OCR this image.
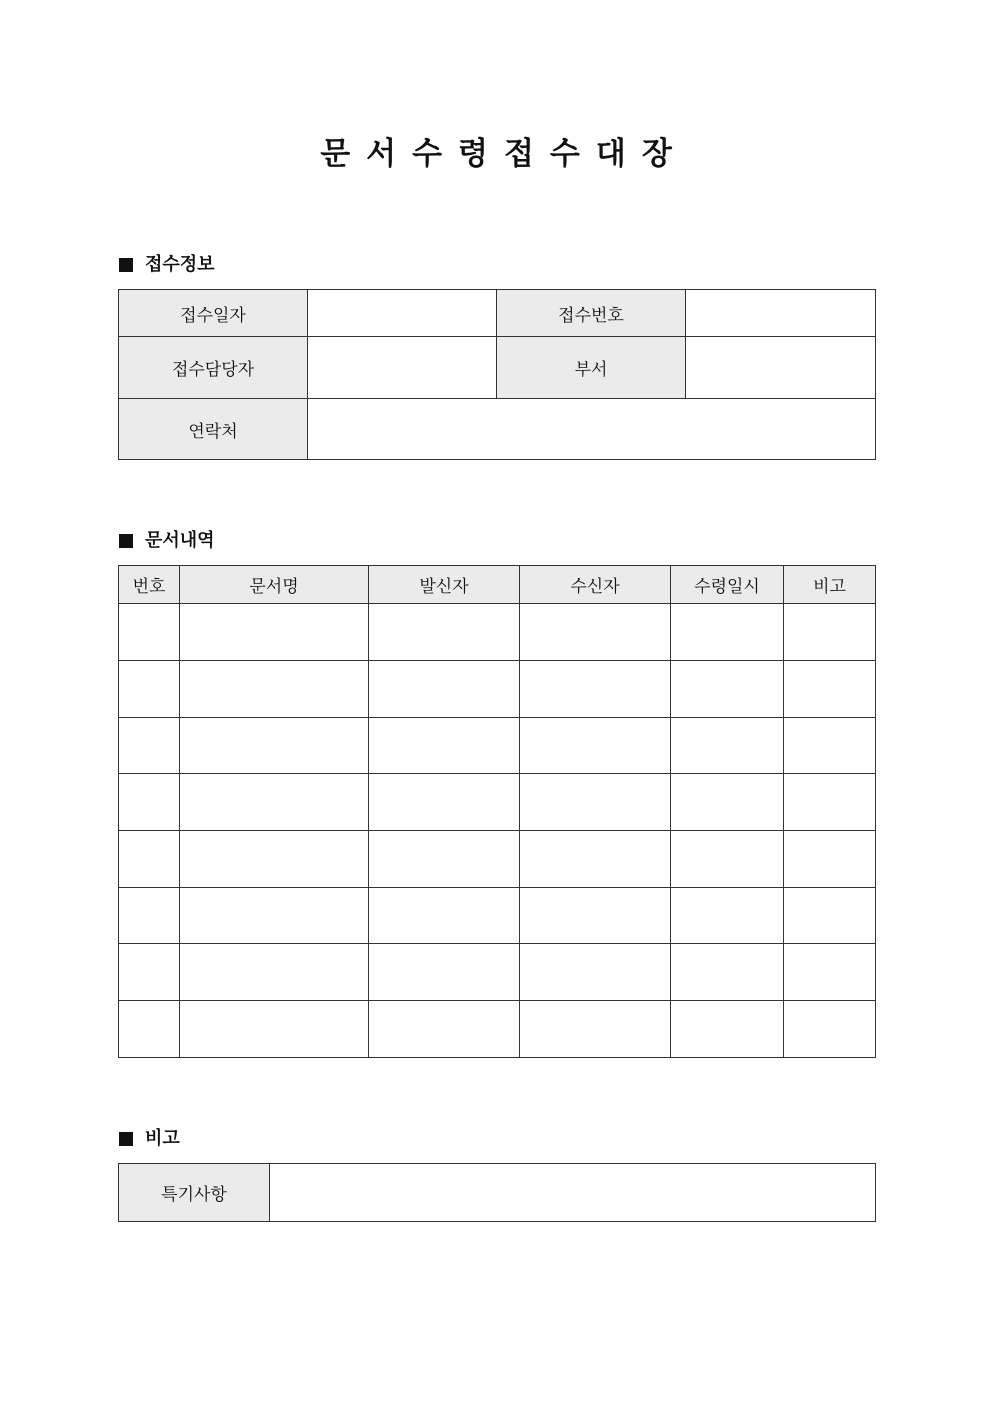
문서수령접수대장
접수정보
접수일자		접수번호	
접수담당자		부서	
연락처			
문서내역
번호	문서명	발신자	수신자	수령일시	비고

비고
특기사항	
